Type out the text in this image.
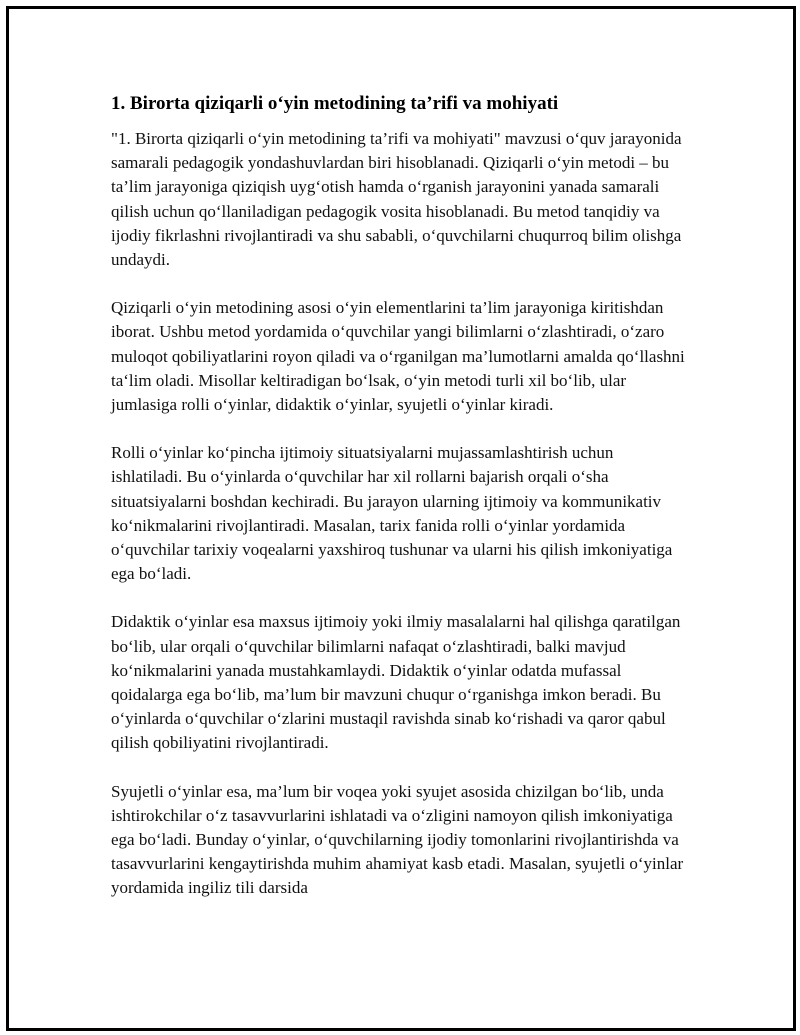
1. Birorta qiziqarli o‘yin metodining ta’rifi va mohiyati

"1. Birorta qiziqarli o‘yin metodining ta’rifi va mohiyati" mavzusi o‘quv jarayonida samarali pedagogik yondashuvlardan biri hisoblanadi. Qiziqarli o‘yin metodi – bu ta’lim jarayoniga qiziqish uyg‘otish hamda o‘rganish jarayonini yanada samarali qilish uchun qo‘llaniladigan pedagogik vosita hisoblanadi. Bu metod tanqidiy va ijodiy fikrlashni rivojlantiradi va shu sababli, o‘quvchilarni chuqurroq bilim olishga undaydi.

Qiziqarli o‘yin metodining asosi o‘yin elementlarini ta’lim jarayoniga kiritishdan iborat. Ushbu metod yordamida o‘quvchilar yangi bilimlarni o‘zlashtiradi, o‘zaro muloqot qobiliyatlarini royon qiladi va o‘rganilgan ma’lumotlarni amalda qo‘llashni ta‘lim oladi. Misollar keltiradigan bo‘lsak, o‘yin metodi turli xil bo‘lib, ular jumlasiga rolli o‘yinlar, didaktik o‘yinlar, syujetli o‘yinlar kiradi.

Rolli o‘yinlar ko‘pincha ijtimoiy situatsiyalarni mujassamlashtirish uchun ishlatiladi. Bu o‘yinlarda o‘quvchilar har xil rollarni bajarish orqali o‘sha situatsiyalarni boshdan kechiradi. Bu jarayon ularning ijtimoiy va kommunikativ ko‘nikmalarini rivojlantiradi. Masalan, tarix fanida rolli o‘yinlar yordamida o‘quvchilar tarixiy voqealarni yaxshiroq tushunar va ularni his qilish imkoniyatiga ega bo‘ladi.

Didaktik o‘yinlar esa maxsus ijtimoiy yoki ilmiy masalalarni hal qilishga qaratilgan bo‘lib, ular orqali o‘quvchilar bilimlarni nafaqat o‘zlashtiradi, balki mavjud ko‘nikmalarini yanada mustahkamlaydi. Didaktik o‘yinlar odatda mufassal qoidalarga ega bo‘lib, ma’lum bir mavzuni chuqur o‘rganishga imkon beradi. Bu o‘yinlarda o‘quvchilar o‘zlarini mustaqil ravishda sinab ko‘rishadi va qaror qabul qilish qobiliyatini rivojlantiradi.

Syujetli o‘yinlar esa, ma’lum bir voqea yoki syujet asosida chizilgan bo‘lib, unda ishtirokchilar o‘z tasavvurlarini ishlatadi va o‘zligini namoyon qilish imkoniyatiga ega bo‘ladi. Bunday o‘yinlar, o‘quvchilarning ijodiy tomonlarini rivojlantirishda va tasavvurlarini kengaytirishda muhim ahamiyat kasb etadi. Masalan, syujetli o‘yinlar yordamida ingiliz tili darsida
